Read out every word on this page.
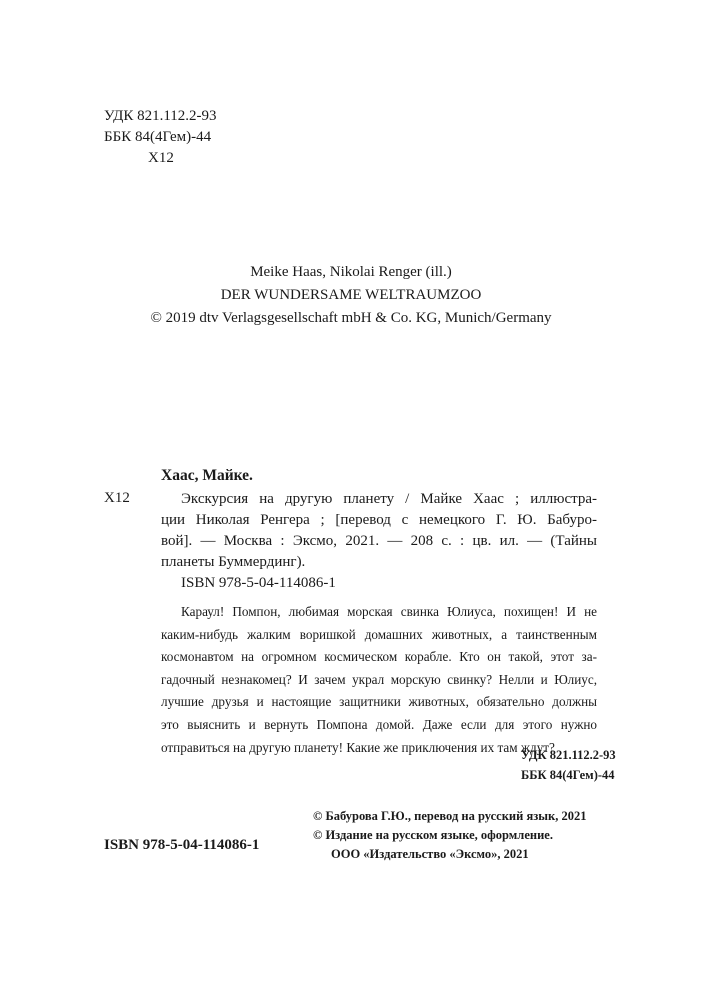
УДК 821.112.2-93
ББК 84(4Гем)-44
Х12
Meike Haas, Nikolai Renger (ill.)
DER WUNDERSAME WELTRAUMZOO
© 2019 dtv Verlagsgesellschaft mbH & Co. KG, Munich/Germany
Хаас, Майке.
Х12	Экскурсия на другую планету / Майке Хаас ; иллюстра-
ции Николая Ренгера ; [перевод с немецкого Г. Ю. Бабуро-
вой]. — Москва : Эксмо, 2021. — 208 с. : цв. ил. — (Тайны
планеты Буммердинг).
ISBN 978-5-04-114086-1
Караул! Помпон, любимая морская свинка Юлиуса, похищен! И не
каким-нибудь жалким воришкой домашних животных, а таинственным
космонавтом на огромном космическом корабле. Кто он такой, этот за-
гадочный незнакомец? И зачем украл морскую свинку? Нелли и Юлиус,
лучшие друзья и настоящие защитники животных, обязательно должны
это выяснить и вернуть Помпона домой. Даже если для этого нужно
отправиться на другую планету! Какие же приключения их там ждут?
УДК 821.112.2-93
ББК 84(4Гем)-44
ISBN 978-5-04-114086-1
© Бабурова Г.Ю., перевод на русский язык, 2021
© Издание на русском языке, оформление.
ООО «Издательство «Эксмо», 2021
